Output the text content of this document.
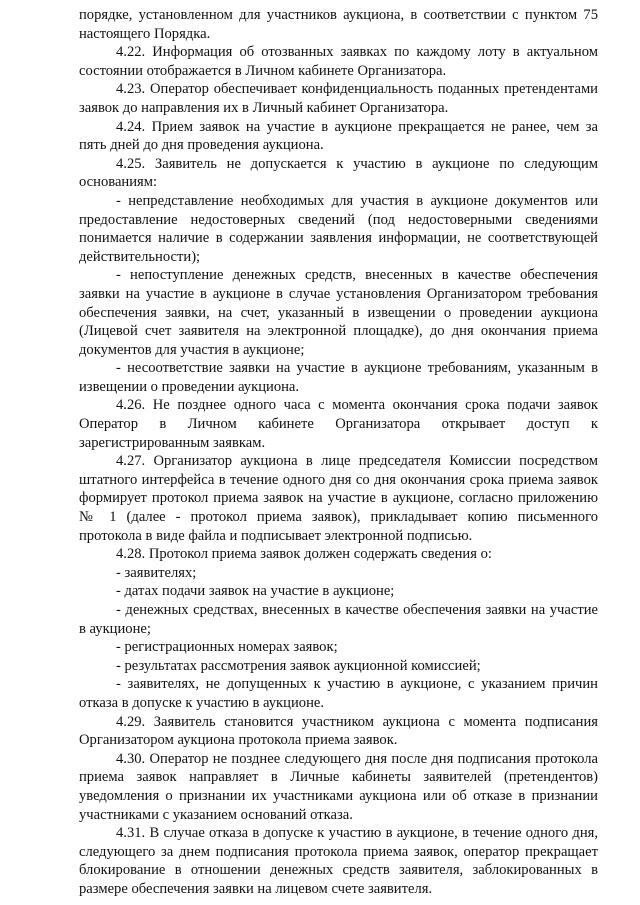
порядке, установленном для участников аукциона, в соответствии с пунктом 75 настоящего Порядка.

4.22. Информация об отозванных заявках по каждому лоту в актуальном состоянии отображается в Личном кабинете Организатора.

4.23. Оператор обеспечивает конфиденциальность поданных претендентами заявок до направления их в Личный кабинет Организатора.

4.24. Прием заявок на участие в аукционе прекращается не ранее, чем за пять дней до дня проведения аукциона.

4.25. Заявитель не допускается к участию в аукционе по следующим основаниям:

- непредставление необходимых для участия в аукционе документов или предоставление недостоверных сведений (под недостоверными сведениями понимается наличие в содержании заявления информации, не соответствующей действительности);

- непоступление денежных средств, внесенных в качестве обеспечения заявки на участие в аукционе в случае установления Организатором требования обеспечения заявки, на счет, указанный в извещении о проведении аукциона (Лицевой счет заявителя на электронной площадке), до дня окончания приема документов для участия в аукционе;

- несоответствие заявки на участие в аукционе требованиям, указанным в извещении о проведении аукциона.

4.26. Не позднее одного часа с момента окончания срока подачи заявок Оператор в Личном кабинете Организатора открывает доступ к зарегистрированным заявкам.

4.27. Организатор аукциона в лице председателя Комиссии посредством штатного интерфейса в течение одного дня со дня окончания срока приема заявок формирует протокол приема заявок на участие в аукционе, согласно приложению № 1 (далее - протокол приема заявок), прикладывает копию письменного протокола в виде файла и подписывает электронной подписью.

4.28. Протокол приема заявок должен содержать сведения о:

- заявителях;

- датах подачи заявок на участие в аукционе;

- денежных средствах, внесенных в качестве обеспечения заявки на участие в аукционе;

- регистрационных номерах заявок;

- результатах рассмотрения заявок аукционной комиссией;

- заявителях, не допущенных к участию в аукционе, с указанием причин отказа в допуске к участию в аукционе.

4.29. Заявитель становится участником аукциона с момента подписания Организатором аукциона протокола приема заявок.

4.30. Оператор не позднее следующего дня после дня подписания протокола приема заявок направляет в Личные кабинеты заявителей (претендентов) уведомления о признании их участниками аукциона или об отказе в признании участниками с указанием оснований отказа.

4.31. В случае отказа в допуске к участию в аукционе, в течение одного дня, следующего за днем подписания протокола приема заявок, оператор прекращает блокирование в отношении денежных средств заявителя, заблокированных в размере обеспечения заявки на лицевом счете заявителя.
